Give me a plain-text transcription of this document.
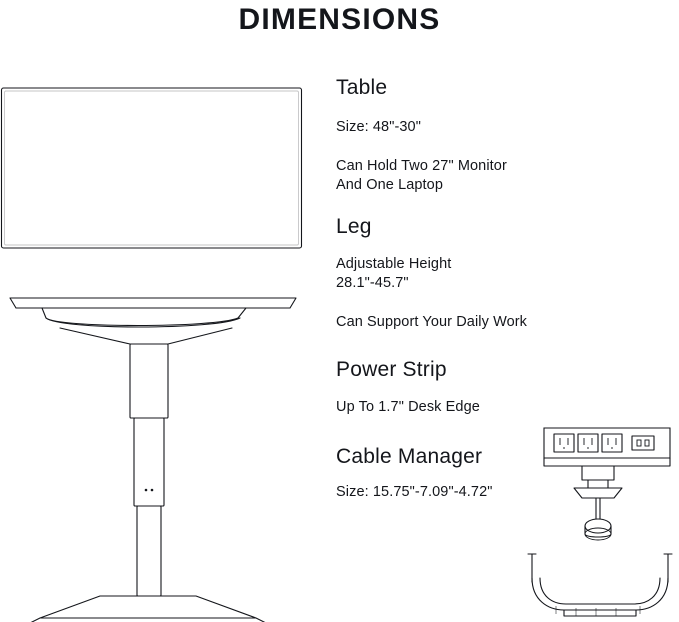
DIMENSIONS
Table

Size: 48"-30"

Can Hold Two 27" Monitor
And One Laptop

Leg

Adjustable Height
28.1"-45.7"

Can Support Your Daily Work

Power Strip

Up To 1.7" Desk Edge

Cable Manager

Size: 15.75"-7.09"-4.72"
